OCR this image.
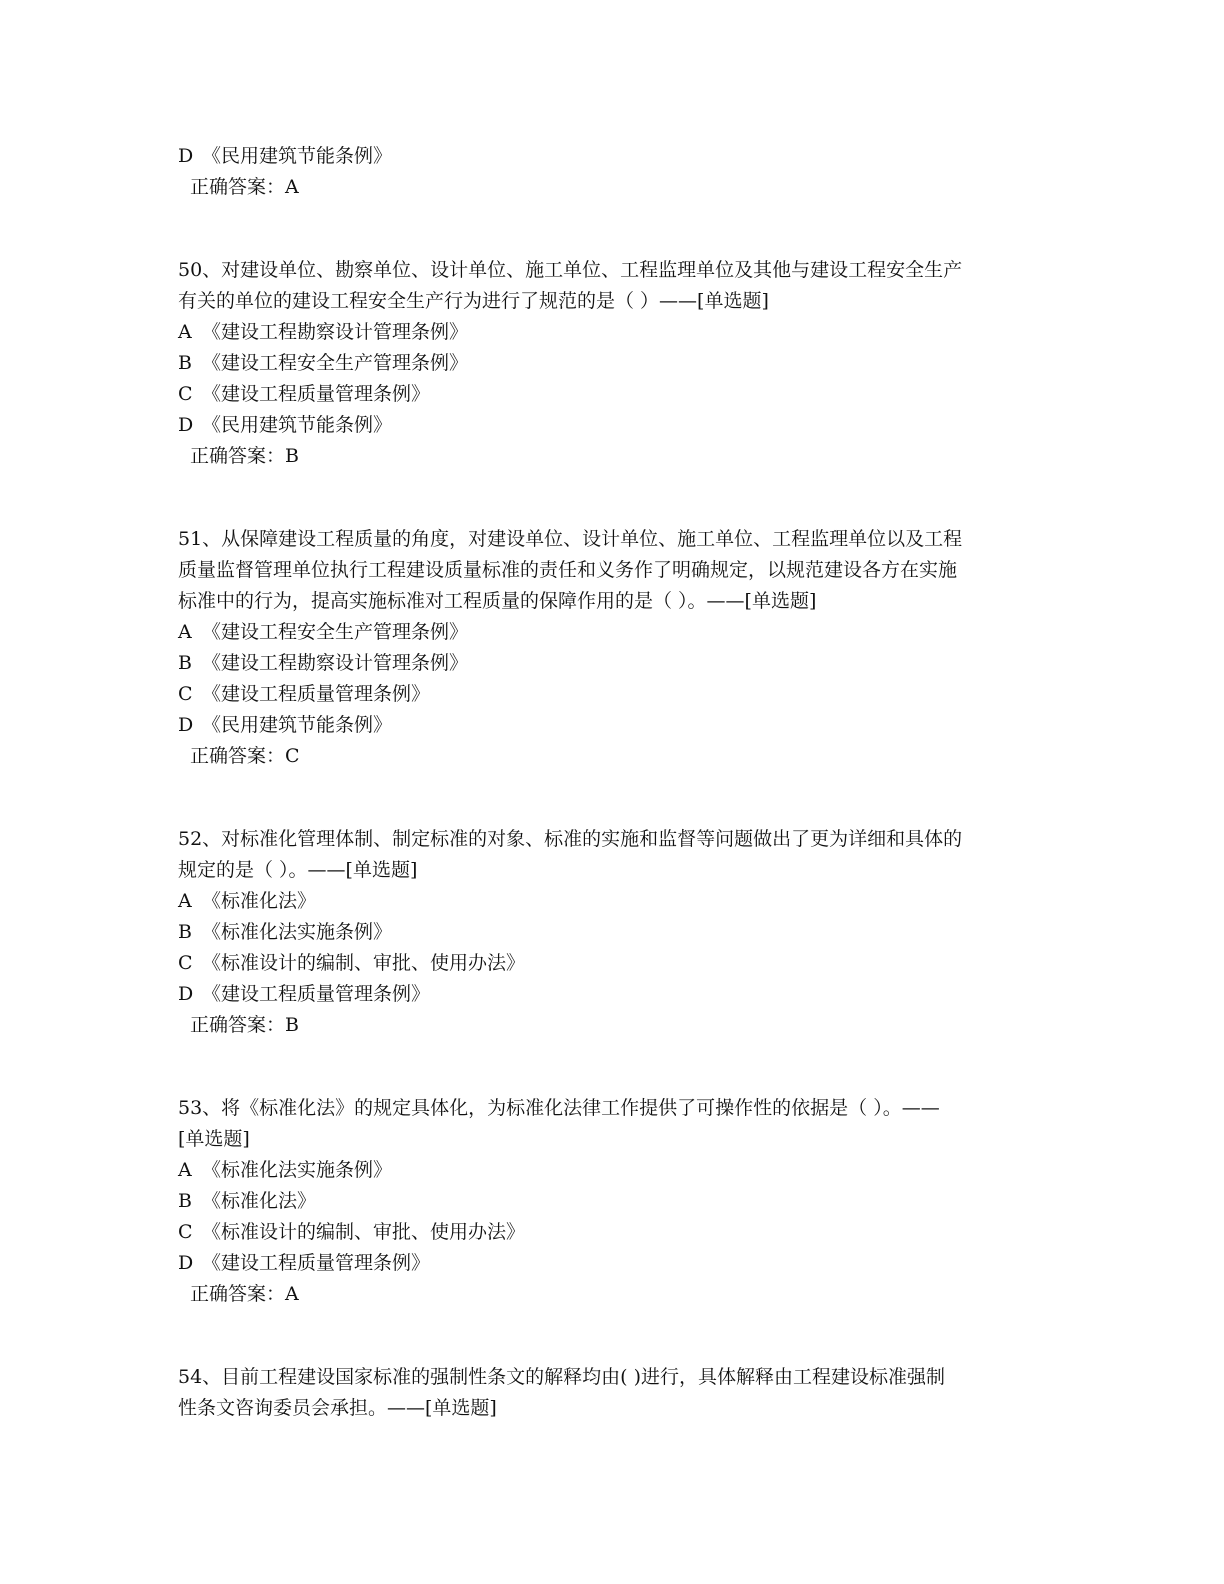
D 《民用建筑节能条例》
正确答案：A
50、对建设单位、勘察单位、设计单位、施工单位、工程监理单位及其他与建设工程安全生产
有关的单位的建设工程安全生产行为进行了规范的是（ ）——[单选题]
A 《建设工程勘察设计管理条例》
B 《建设工程安全生产管理条例》
C 《建设工程质量管理条例》
D 《民用建筑节能条例》
正确答案：B
51、从保障建设工程质量的角度，对建设单位、设计单位、施工单位、工程监理单位以及工程
质量监督管理单位执行工程建设质量标准的责任和义务作了明确规定，以规范建设各方在实施
标准中的行为，提高实施标准对工程质量的保障作用的是（ ）。——[单选题]
A 《建设工程安全生产管理条例》
B 《建设工程勘察设计管理条例》
C 《建设工程质量管理条例》
D 《民用建筑节能条例》
正确答案：C
52、对标准化管理体制、制定标准的对象、标准的实施和监督等问题做出了更为详细和具体的
规定的是（ ）。——[单选题]
A 《标准化法》
B 《标准化法实施条例》
C 《标准设计的编制、审批、使用办法》
D 《建设工程质量管理条例》
正确答案：B
53、将《标准化法》的规定具体化，为标准化法律工作提供了可操作性的依据是（ ）。——
[单选题]
A 《标准化法实施条例》
B 《标准化法》
C 《标准设计的编制、审批、使用办法》
D 《建设工程质量管理条例》
正确答案：A
54、目前工程建设国家标准的强制性条文的解释均由( )进行，具体解释由工程建设标准强制
性条文咨询委员会承担。——[单选题]
